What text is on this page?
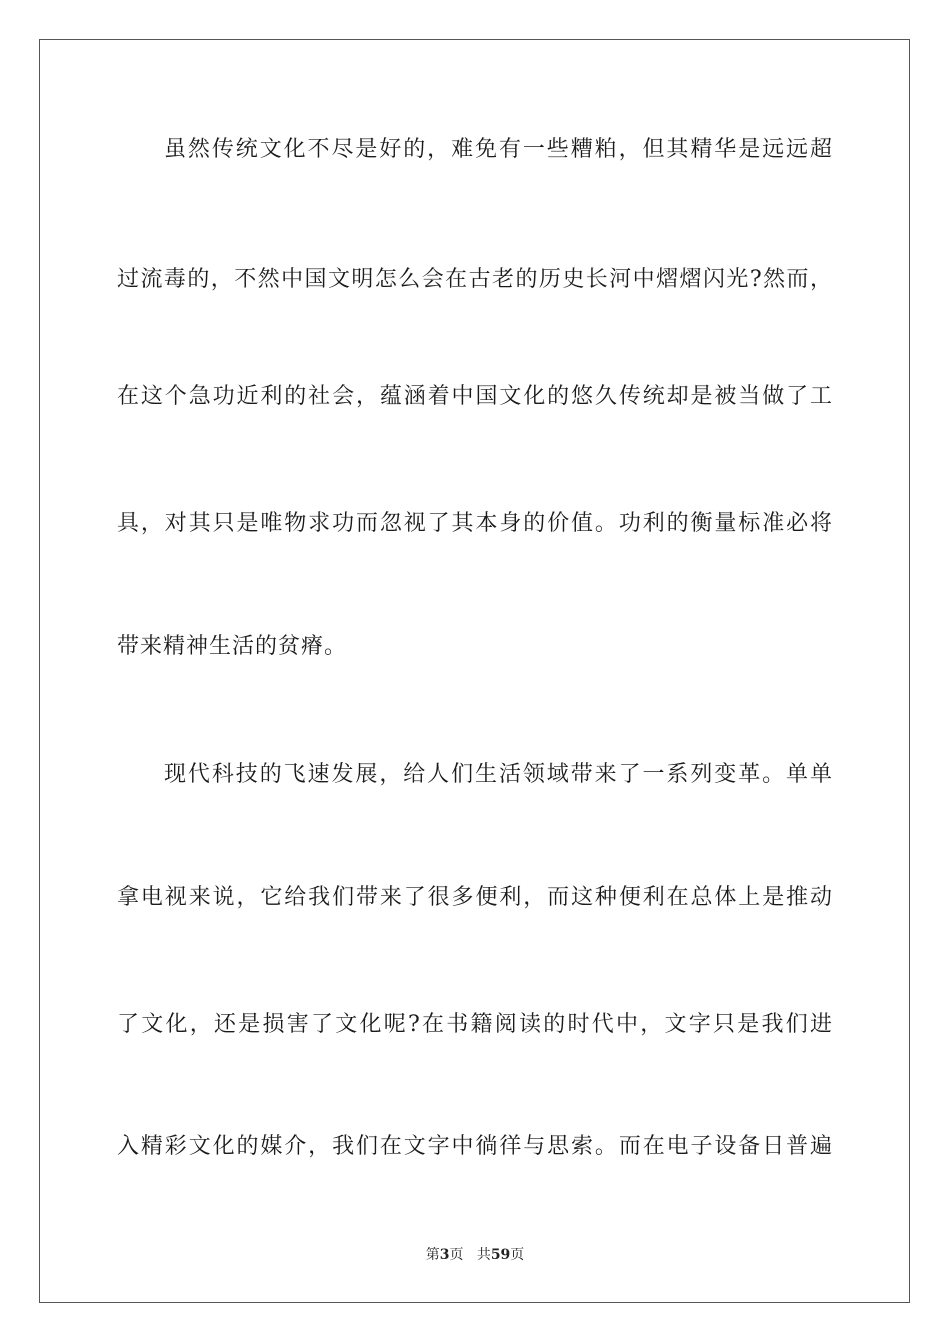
虽然传统文化不尽是好的，难免有一些糟粕，但其精华是远远超
过流毒的，不然中国文明怎么会在古老的历史长河中熠熠闪光?然而，
在这个急功近利的社会，蕴涵着中国文化的悠久传统却是被当做了工
具，对其只是唯物求功而忽视了其本身的价值。功利的衡量标准必将
带来精神生活的贫瘠。
现代科技的飞速发展，给人们生活领域带来了一系列变革。单单
拿电视来说，它给我们带来了很多便利，而这种便利在总体上是推动
了文化，还是损害了文化呢?在书籍阅读的时代中，文字只是我们进
入精彩文化的媒介，我们在文字中徜徉与思索。而在电子设备日普遍
第3页 共59页
